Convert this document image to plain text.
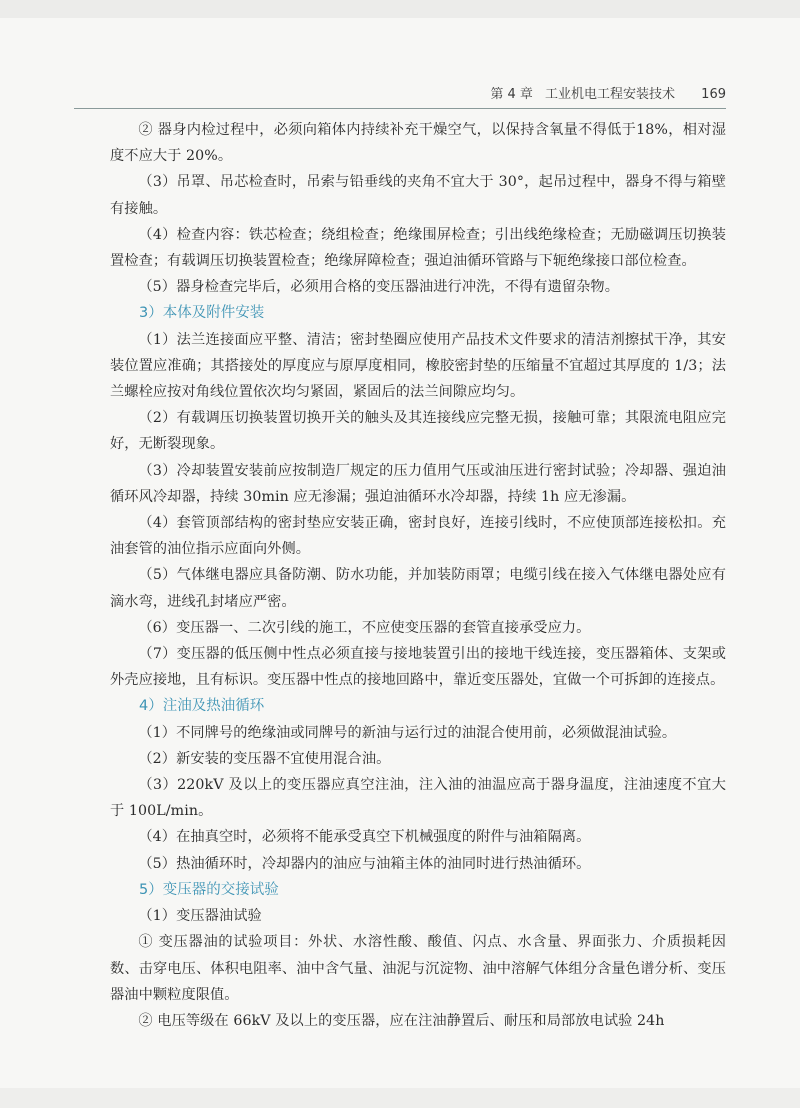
第 4 章 工业机电工程安装技术 169

② 器身内检过程中，必须向箱体内持续补充干燥空气，以保持含氧量不得低于18%，相对湿度不应大于 20%。

（3）吊罩、吊芯检查时，吊索与铅垂线的夹角不宜大于 30°，起吊过程中，器身不得与箱壁有接触。

（4）检查内容：铁芯检查；绕组检查；绝缘围屏检查；引出线绝缘检查；无励磁调压切换装置检查；有载调压切换装置检查；绝缘屏障检查；强迫油循环管路与下轭绝缘接口部位检查。

（5）器身检查完毕后，必须用合格的变压器油进行冲洗，不得有遗留杂物。

3）本体及附件安装

（1）法兰连接面应平整、清洁；密封垫圈应使用产品技术文件要求的清洁剂擦拭干净，其安装位置应准确；其搭接处的厚度应与原厚度相同，橡胶密封垫的压缩量不宜超过其厚度的 1/3；法兰螺栓应按对角线位置依次均匀紧固，紧固后的法兰间隙应均匀。

（2）有载调压切换装置切换开关的触头及其连接线应完整无损，接触可靠；其限流电阻应完好，无断裂现象。

（3）冷却装置安装前应按制造厂规定的压力值用气压或油压进行密封试验；冷却器、强迫油循环风冷却器，持续 30min 应无渗漏；强迫油循环水冷却器，持续 1h 应无渗漏。

（4）套管顶部结构的密封垫应安装正确，密封良好，连接引线时，不应使顶部连接松扣。充油套管的油位指示应面向外侧。

（5）气体继电器应具备防潮、防水功能，并加装防雨罩；电缆引线在接入气体继电器处应有滴水弯，进线孔封堵应严密。

（6）变压器一、二次引线的施工，不应使变压器的套管直接承受应力。

（7）变压器的低压侧中性点必须直接与接地装置引出的接地干线连接，变压器箱体、支架或外壳应接地，且有标识。变压器中性点的接地回路中，靠近变压器处，宜做一个可拆卸的连接点。

4）注油及热油循环

（1）不同牌号的绝缘油或同牌号的新油与运行过的油混合使用前，必须做混油试验。

（2）新安装的变压器不宜使用混合油。

（3）220kV 及以上的变压器应真空注油，注入油的油温应高于器身温度，注油速度不宜大于 100L/min。

（4）在抽真空时，必须将不能承受真空下机械强度的附件与油箱隔离。

（5）热油循环时，冷却器内的油应与油箱主体的油同时进行热油循环。

5）变压器的交接试验

（1）变压器油试验

① 变压器油的试验项目：外状、水溶性酸、酸值、闪点、水含量、界面张力、介质损耗因数、击穿电压、体积电阻率、油中含气量、油泥与沉淀物、油中溶解气体组分含量色谱分析、变压器油中颗粒度限值。

② 电压等级在 66kV 及以上的变压器，应在注油静置后、耐压和局部放电试验 24h
